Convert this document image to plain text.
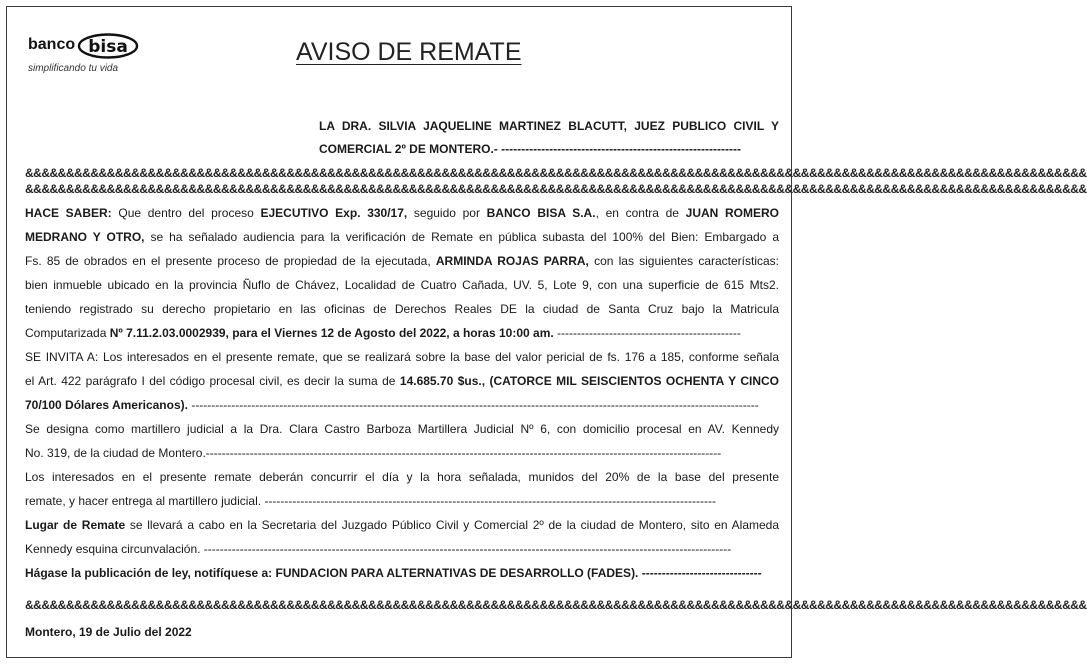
banco bisa
simplificando tu vida
AVISO DE REMATE
LA DRA. SILVIA JAQUELINE MARTINEZ BLACUTT, JUEZ PUBLICO CIVIL Y
COMERCIAL 2º DE MONTERO.- ------------------------------------------------------------
&&&&&&&&&&&&&&&&&&&&&&&&&&&&&&&&&&&&&&&&&&&&&&&&&&&&&&&&&&&&&&&&&&&&&&&&&&&&&&&&&&&&&&&&&&&&&&&&&&&&&&&&&&&&&&&&&&&&&&&&&&&&&&&&&&
&&&&&&&&&&&&&&&&&&&&&&&&&&&&&&&&&&&&&&&&&&&&&&&&&&&&&&&&&&&&&&&&&&&&&&&&&&&&&&&&&&&&&&&&&&&&&&&&&&&&&&&&&&&&&&&&&&&&&&&&&&&&&&&&&&
HACE SABER: Que dentro del proceso EJECUTIVO Exp. 330/17, seguido por BANCO BISA S.A., en contra de JUAN ROMERO
MEDRANO Y OTRO, se ha señalado audiencia para la verificación de Remate en pública subasta del 100% del Bien: Embargado a
Fs. 85 de obrados en el presente proceso de propiedad de la ejecutada, ARMINDA ROJAS PARRA, con las siguientes características:
bien inmueble ubicado en la provincia Ñuflo de Chávez, Localidad de Cuatro Cañada, UV. 5, Lote 9, con una superficie de 615 Mts2.
teniendo registrado su derecho propietario en las oficinas de Derechos Reales DE la ciudad de Santa Cruz bajo la Matricula
Computarizada Nº 7.11.2.03.0002939, para el Viernes 12 de Agosto del 2022, a horas 10:00 am. ----------------------------------------------
SE INVITA A: Los interesados en el presente remate, que se realizará sobre la base del valor pericial de fs. 176 a 185, conforme señala
el Art. 422 parágrafo I del código procesal civil, es decir la suma de 14.685.70 $us., (CATORCE MIL SEISCIENTOS OCHENTA Y CINCO
70/100 Dólares Americanos). ----------------------------------------------------------------------------------------------------------------------------------------------
Se designa como martillero judicial a la Dra. Clara Castro Barboza Martillera Judicial Nº 6, con domicilio procesal en AV. Kennedy
No. 319, de la ciudad de Montero.---------------------------------------------------------------------------------------------------------------------------------
Los interesados en el presente remate deberán concurrir el día y la hora señalada, munidos del 20% de la base del presente
remate, y hacer entrega al martillero judicial. -----------------------------------------------------------------------------------------------------------------
Lugar de Remate se llevará a cabo en la Secretaria del Juzgado Público Civil y Comercial 2º de la ciudad de Montero, sito en Alameda
Kennedy esquina circunvalación. ------------------------------------------------------------------------------------------------------------------------------------
Hágase la publicación de ley, notifíquese a: FUNDACION PARA ALTERNATIVAS DE DESARROLLO (FADES). ------------------------------
&&&&&&&&&&&&&&&&&&&&&&&&&&&&&&&&&&&&&&&&&&&&&&&&&&&&&&&&&&&&&&&&&&&&&&&&&&&&&&&&&&&&&&&&&&&&&&&&&&&&&&&&&&&&&&&&&&&&&&&&&&&&&&&&&&
Montero, 19 de Julio del 2022
